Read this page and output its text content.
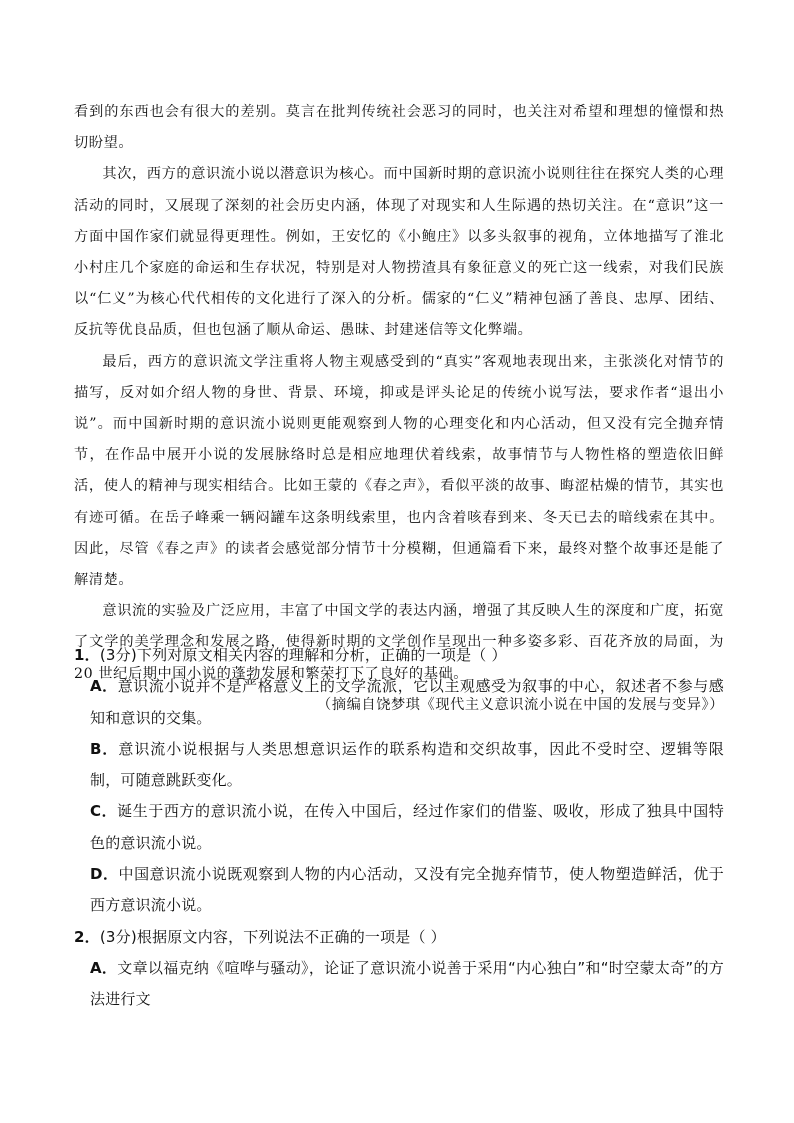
看到的东西也会有很大的差别。莫言在批判传统社会恶习的同时，也关注对希望和理想的憧憬和热切盼望。

其次，西方的意识流小说以潜意识为核心。而中国新时期的意识流小说则往往在探究人类的心理活动的同时，又展现了深刻的社会历史内涵，体现了对现实和人生际遇的热切关注。在“意识”这一方面中国作家们就显得更理性。例如，王安忆的《小鲍庄》以多头叙事的视角，立体地描写了淮北小村庄几个家庭的命运和生存状况，特别是对人物捞渣具有象征意义的死亡这一线索，对我们民族以“仁义”为核心代代相传的文化进行了深入的分析。儒家的“仁义”精神包涵了善良、忠厚、团结、反抗等优良品质，但也包涵了顺从命运、愚昧、封建迷信等文化弊端。

最后，西方的意识流文学注重将人物主观感受到的“真实”客观地表现出来，主张淡化对情节的描写，反对如介绍人物的身世、背景、环境，抑或是评头论足的传统小说写法，要求作者“退出小说”。而中国新时期的意识流小说则更能观察到人物的心理变化和内心活动，但又没有完全抛弃情节，在作品中展开小说的发展脉络时总是相应地理伏着线索，故事情节与人物性格的塑造依旧鲜活，使人的精神与现实相结合。比如王蒙的《春之声》，看似平淡的故事、晦涩枯燥的情节，其实也有迹可循。在岳子峰乘一辆闷罐车这条明线索里，也内含着咳春到来、冬天已去的暗线索在其中。因此，尽管《春之声》的读者会感觉部分情节十分模糊，但通篇看下来，最终对整个故事还是能了解清楚。

意识流的实验及广泛应用，丰富了中国文学的表达内涵，增强了其反映人生的深度和广度，拓宽了文学的美学理念和发展之路，使得新时期的文学创作呈现出一种多姿多彩、百花齐放的局面，为 20 世纪后期中国小说的蓬勃发展和繁荣打下了良好的基础。

（摘编自饶梦琪《现代主义意识流小说在中国的发展与变异》）

1．(3分)下列对原文相关内容的理解和分析，正确的一项是（ ）

A．意识流小说并不是严格意义上的文学流派，它以主观感受为叙事的中心，叙述者不参与感知和意识的交集。

B．意识流小说根据与人类思想意识运作的联系构造和交织故事，因此不受时空、逻辑等限制，可随意跳跃变化。

C．诞生于西方的意识流小说，在传入中国后，经过作家们的借鉴、吸收，形成了独具中国特色的意识流小说。

D．中国意识流小说既观察到人物的内心活动，又没有完全抛弃情节，使人物塑造鲜活，优于西方意识流小说。

2．(3分)根据原文内容，下列说法不正确的一项是（ ）

A．文章以福克纳《喧哗与骚动》，论证了意识流小说善于采用“内心独白”和“时空蒙太奇”的方法进行文
